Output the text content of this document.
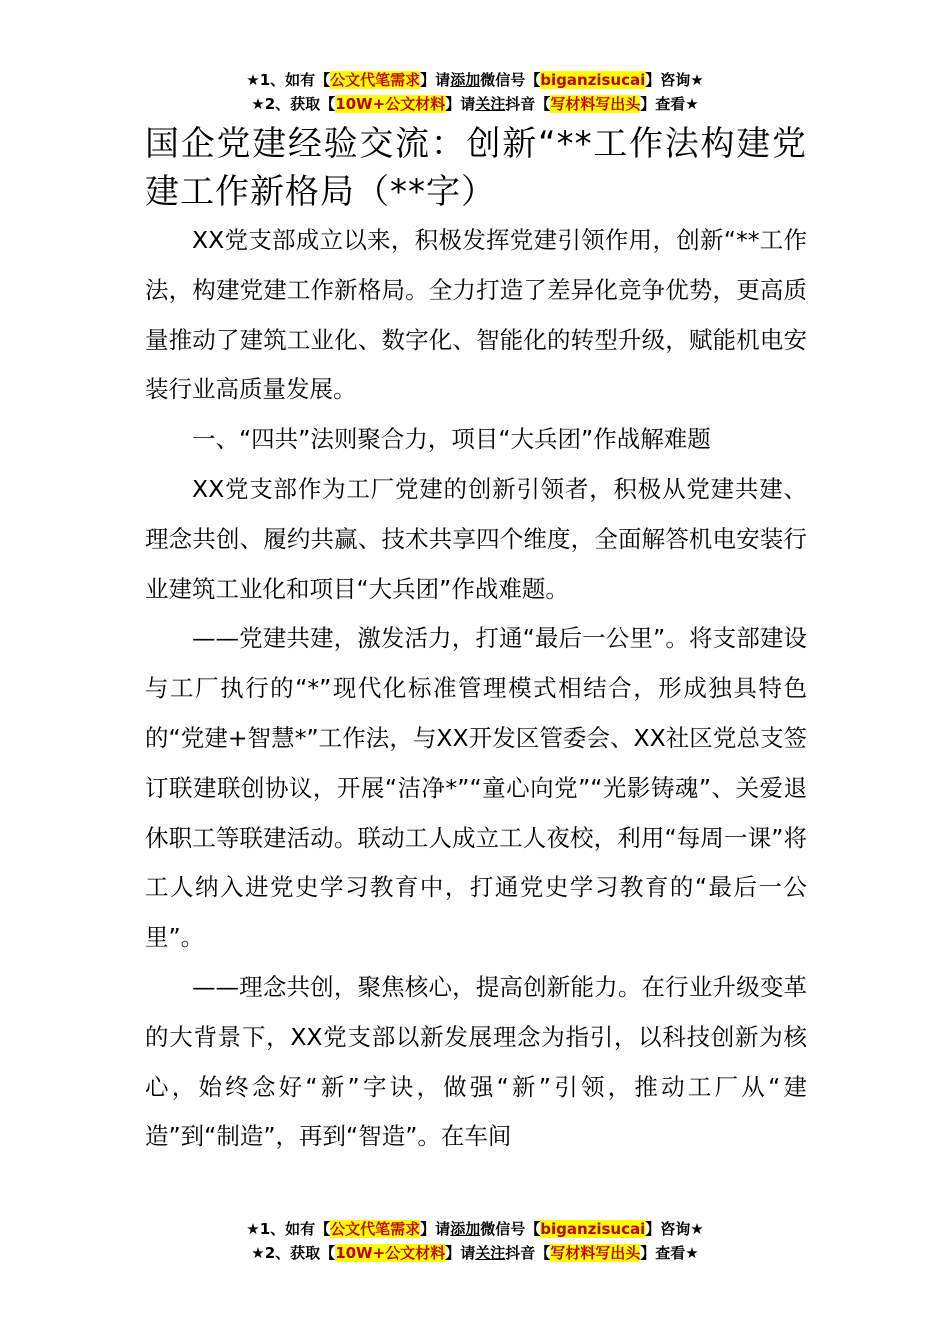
★1、如有【公文代笔需求】请添加微信号【biganzisucai】咨询★
★2、获取【10W+公文材料】请关注抖音【写材料写出头】查看★
国企党建经验交流：创新“**工作法构建党建工作新格局（**字）

XX党支部成立以来，积极发挥党建引领作用，创新“**工作法，构建党建工作新格局。全力打造了差异化竞争优势，更高质量推动了建筑工业化、数字化、智能化的转型升级，赋能机电安装行业高质量发展。

一、“四共”法则聚合力，项目“大兵团”作战解难题

XX党支部作为工厂党建的创新引领者，积极从党建共建、理念共创、履约共赢、技术共享四个维度，全面解答机电安装行业建筑工业化和项目“大兵团”作战难题。

——党建共建，激发活力，打通“最后一公里”。将支部建设与工厂执行的“*”现代化标准管理模式相结合，形成独具特色的“党建+智慧*”工作法，与XX开发区管委会、XX社区党总支签订联建联创协议，开展“洁净*”“童心向党”“光影铸魂”、关爱退休职工等联建活动。联动工人成立工人夜校，利用“每周一课”将工人纳入进党史学习教育中，打通党史学习教育的“最后一公里”。

——理念共创，聚焦核心，提高创新能力。在行业升级变革的大背景下，XX党支部以新发展理念为指引，以科技创新为核心，始终念好“新”字诀，做强“新”引领，推动工厂从“建造”到“制造”，再到“智造”。在车间

★1、如有【公文代笔需求】请添加微信号【biganzisucai】咨询★
★2、获取【10W+公文材料】请关注抖音【写材料写出头】查看★
